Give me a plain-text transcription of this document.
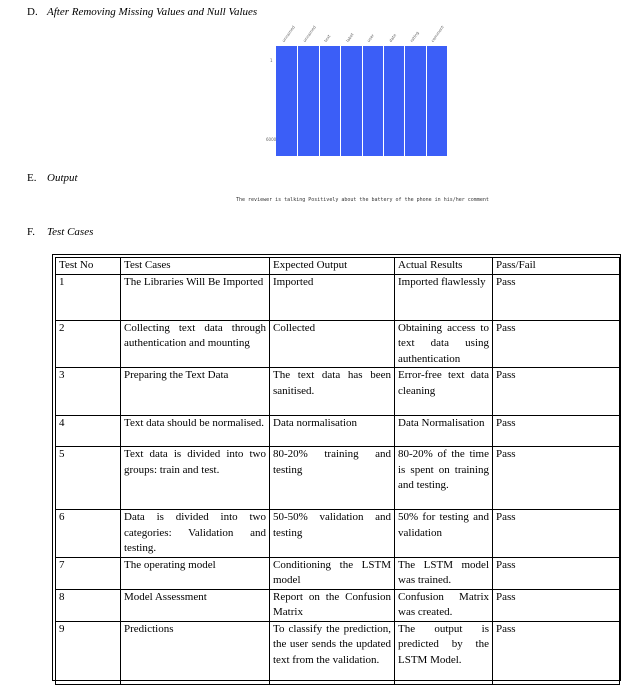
D. After Removing Missing Values and Null Values

1
6000
unnamed unnamed text	label	user	date	rating	comment

E. Output

The reviewer is talking Positively about the battery of the phone in his/her comment

F. Test Cases

Test No	Test Cases	Expected Output	Actual Results	Pass/Fail
1	The Libraries Will Be Imported	Imported	Imported flawlessly	Pass
2	Collecting text data through authentication and mounting	Collected	Obtaining access to text data using authentication	Pass
3	Preparing the Text Data	The text data has been sanitised.	Error-free text data cleaning	Pass
4	Text data should be normalised.	Data normalisation	Data Normalisation	Pass
5	Text data is divided into two groups: train and test.	80-20% training and testing	80-20% of the time is spent on training and testing.	Pass
6	Data is divided into two categories: Validation and testing.	50-50% validation and testing	50% for testing and validation	Pass
7	The operating model	Conditioning the LSTM model	The LSTM model was trained.	Pass
8	Model Assessment	Report on the Confusion Matrix	Confusion Matrix was created.	Pass
9	Predictions	To classify the prediction, the user sends the updated text from the validation.	The output is predicted by the LSTM Model.	Pass
